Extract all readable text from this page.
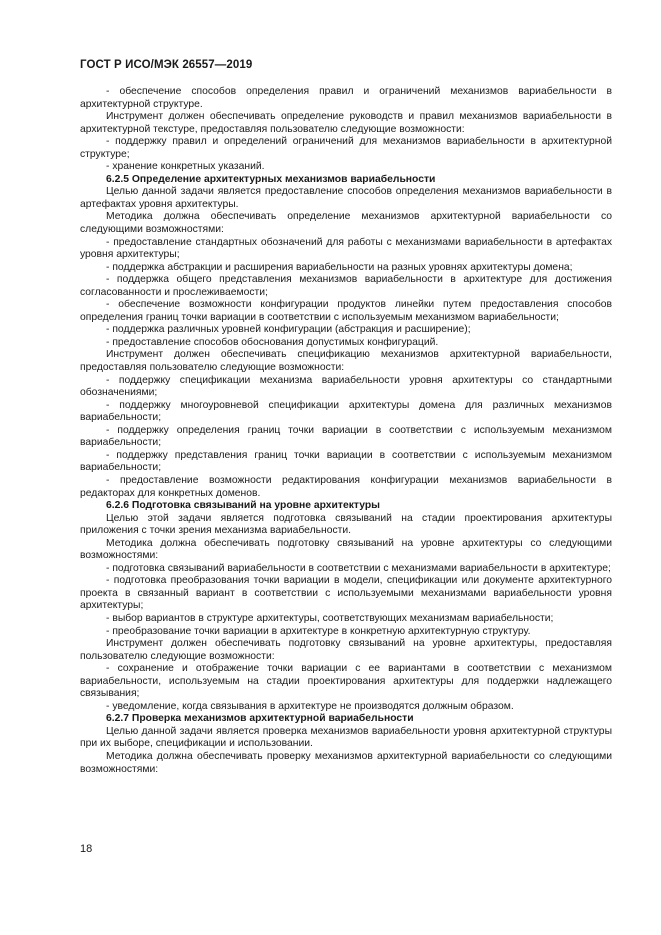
ГОСТ Р ИСО/МЭК 26557—2019
- обеспечение способов определения правил и ограничений механизмов вариабельности в архитектурной структуре.
Инструмент должен обеспечивать определение руководств и правил механизмов вариабельности в архитектурной текстуре, предоставляя пользователю следующие возможности:
- поддержку правил и определений ограничений для механизмов вариабельности в архитектурной структуре;
- хранение конкретных указаний.
6.2.5 Определение архитектурных механизмов вариабельности
Целью данной задачи является предоставление способов определения механизмов вариабельности в артефактах уровня архитектуры.
Методика должна обеспечивать определение механизмов архитектурной вариабельности со следующими возможностями:
- предоставление стандартных обозначений для работы с механизмами вариабельности в артефактах уровня архитектуры;
- поддержка абстракции и расширения вариабельности на разных уровнях архитектуры домена;
- поддержка общего представления механизмов вариабельности в архитектуре для достижения согласованности и прослеживаемости;
- обеспечение возможности конфигурации продуктов линейки путем предоставления способов определения границ точки вариации в соответствии с используемым механизмом вариабельности;
- поддержка различных уровней конфигурации (абстракция и расширение);
- предоставление способов обоснования допустимых конфигураций.
Инструмент должен обеспечивать спецификацию механизмов архитектурной вариабельности, предоставляя пользователю следующие возможности:
- поддержку спецификации механизма вариабельности уровня архитектуры со стандартными обозначениями;
- поддержку многоуровневой спецификации архитектуры домена для различных механизмов вариабельности;
- поддержку определения границ точки вариации в соответствии с используемым механизмом вариабельности;
- поддержку представления границ точки вариации в соответствии с используемым механизмом вариабельности;
- предоставление возможности редактирования конфигурации механизмов вариабельности в редакторах для конкретных доменов.
6.2.6 Подготовка связываний на уровне архитектуры
Целью этой задачи является подготовка связываний на стадии проектирования архитектуры приложения с точки зрения механизма вариабельности.
Методика должна обеспечивать подготовку связываний на уровне архитектуры со следующими возможностями:
- подготовка связываний вариабельности в соответствии с механизмами вариабельности в архитектуре;
- подготовка преобразования точки вариации в модели, спецификации или документе архитектурного проекта в связанный вариант в соответствии с используемыми механизмами вариабельности уровня архитектуры;
- выбор вариантов в структуре архитектуры, соответствующих механизмам вариабельности;
- преобразование точки вариации в архитектуре в конкретную архитектурную структуру.
Инструмент должен обеспечивать подготовку связываний на уровне архитектуры, предоставляя пользователю следующие возможности:
- сохранение и отображение точки вариации с ее вариантами в соответствии с механизмом вариабельности, используемым на стадии проектирования архитектуры для поддержки надлежащего связывания;
- уведомление, когда связывания в архитектуре не производятся должным образом.
6.2.7 Проверка механизмов архитектурной вариабельности
Целью данной задачи является проверка механизмов вариабельности уровня архитектурной структуры при их выборе, спецификации и использовании.
Методика должна обеспечивать проверку механизмов архитектурной вариабельности со следующими возможностями:
18
